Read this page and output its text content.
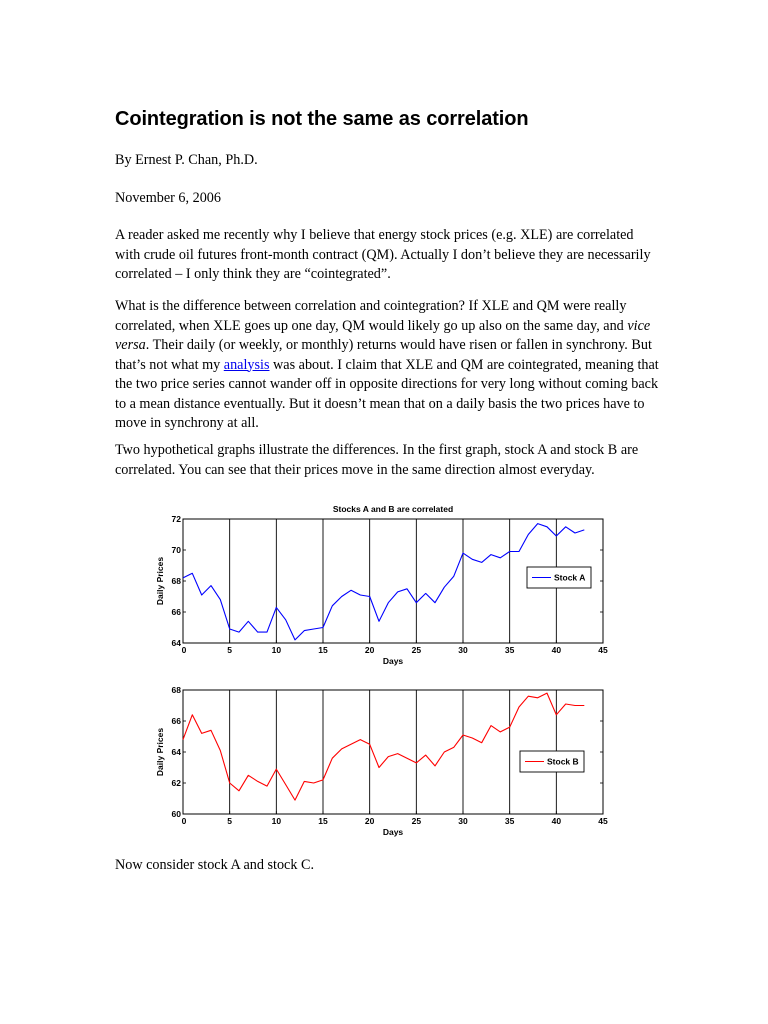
Cointegration is not the same as correlation

By Ernest P. Chan, Ph.D.

November 6, 2006

A reader asked me recently why I believe that energy stock prices (e.g. XLE) are correlated with crude oil futures front-month contract (QM). Actually I don’t believe they are necessarily correlated – I only think they are “cointegrated”.

What is the difference between correlation and cointegration? If XLE and QM were really correlated, when XLE goes up one day, QM would likely go up also on the same day, and vice versa. Their daily (or weekly, or monthly) returns would have risen or fallen in synchrony. But that’s not what my analysis was about. I claim that XLE and QM are cointegrated, meaning that the two price series cannot wander off in opposite directions for very long without coming back to a mean distance eventually. But it doesn’t mean that on a daily basis the two prices have to move in synchrony at all.

Two hypothetical graphs illustrate the differences. In the first graph, stock A and stock B are correlated. You can see that their prices move in the same direction almost everyday.

Stocks A and B are correlated
0	5	10	15	20	25	30	35	40	45
64
66
68
70
72
Days
Daily Prices	Stock A
0	5	10	15	20	25	30	35	40	45
60
62
64
66
68
Days
Daily Prices	Stock B

Now consider stock A and stock C.
